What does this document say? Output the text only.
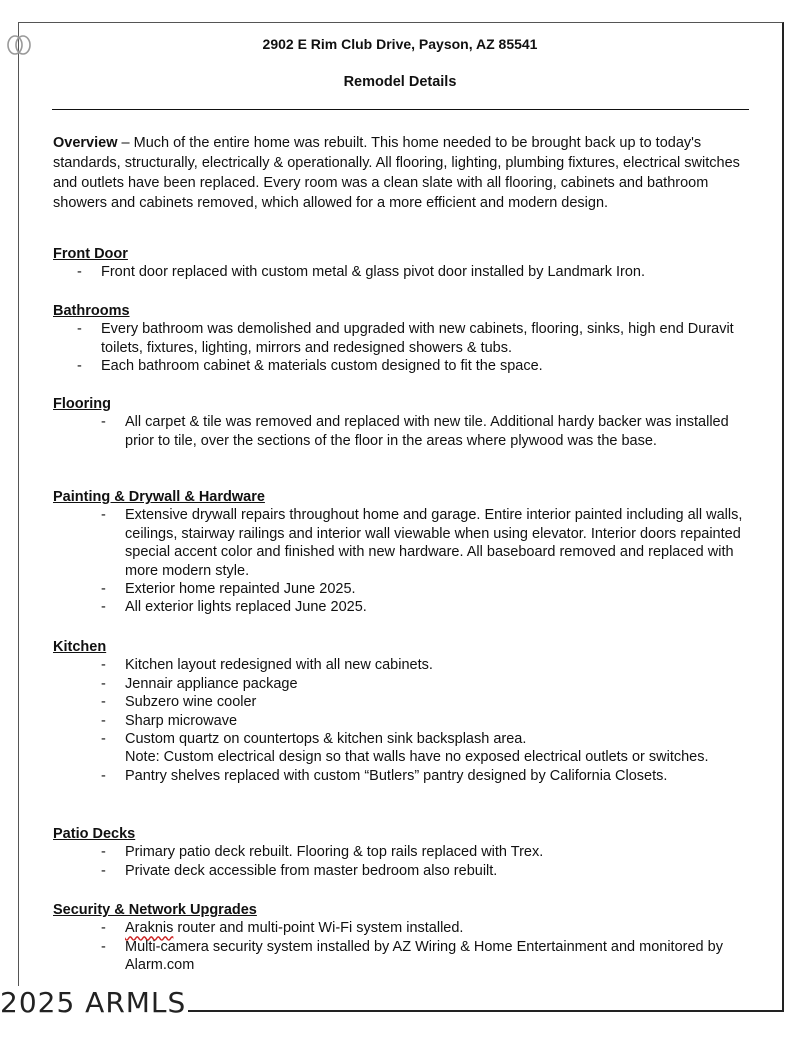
2902 E Rim Club Drive, Payson, AZ 85541
Remodel Details

Overview – Much of the entire home was rebuilt. This home needed to be brought back up to today's standards, structurally, electrically & operationally. All flooring, lighting, plumbing fixtures, electrical switches and outlets have been replaced. Every room was a clean slate with all flooring, cabinets and bathroom showers and cabinets removed, which allowed for a more efficient and modern design.

Front Door
- Front door replaced with custom metal & glass pivot door installed by Landmark Iron.
Bathrooms
- Every bathroom was demolished and upgraded with new cabinets, flooring, sinks, high end Duravit toilets, fixtures, lighting, mirrors and redesigned showers & tubs.
- Each bathroom cabinet & materials custom designed to fit the space.
Flooring
- All carpet & tile was removed and replaced with new tile. Additional hardy backer was installed prior to tile, over the sections of the floor in the areas where plywood was the base.
Painting & Drywall & Hardware
- Extensive drywall repairs throughout home and garage. Entire interior painted including all walls, ceilings, stairway railings and interior wall viewable when using elevator. Interior doors repainted special accent color and finished with new hardware. All baseboard removed and replaced with more modern style.
- Exterior home repainted June 2025.
- All exterior lights replaced June 2025.
Kitchen
- Kitchen layout redesigned with all new cabinets.
- Jennair appliance package
- Subzero wine cooler
- Sharp microwave
- Custom quartz on countertops & kitchen sink backsplash area.
Note: Custom electrical design so that walls have no exposed electrical outlets or switches.
- Pantry shelves replaced with custom “Butlers” pantry designed by California Closets.
Patio Decks
- Primary patio deck rebuilt. Flooring & top rails replaced with Trex.
- Private deck accessible from master bedroom also rebuilt.
Security & Network Upgrades
- Araknis router and multi-point Wi-Fi system installed.
- Multi-camera security system installed by AZ Wiring & Home Entertainment and monitored by Alarm.com
2025 ARMLS
